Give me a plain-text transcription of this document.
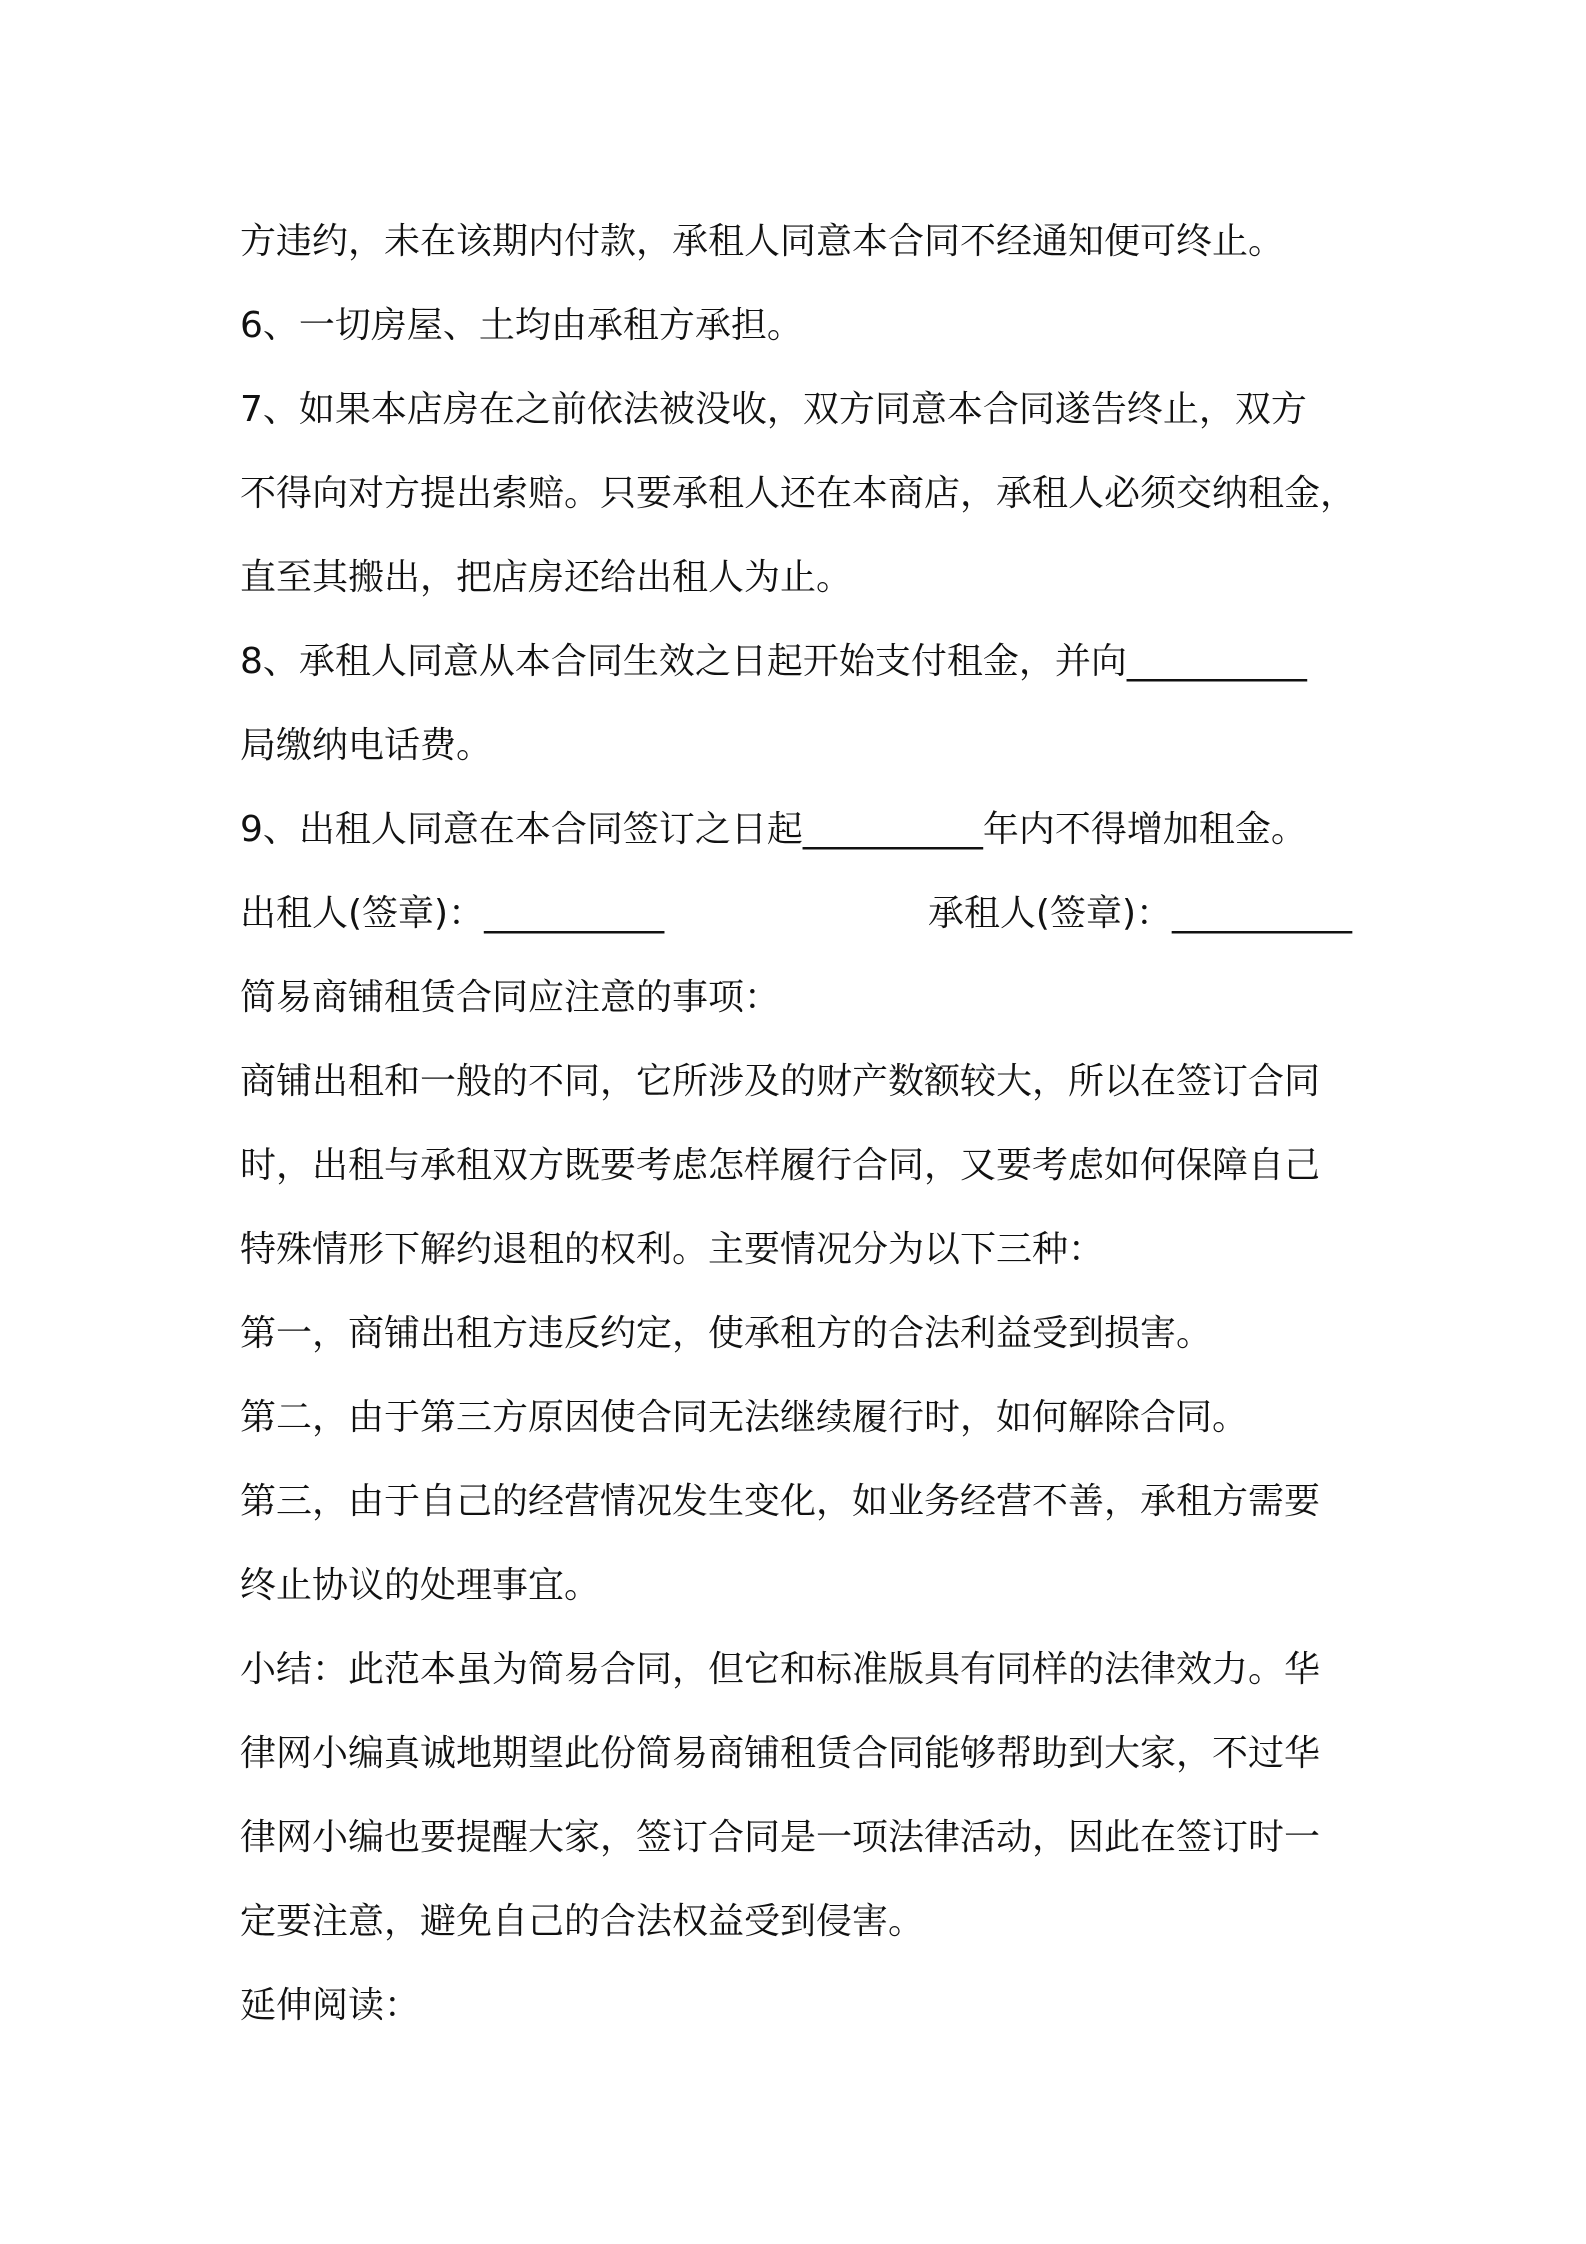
方违约，未在该期内付款，承租人同意本合同不经通知便可终止。
6、一切房屋、土均由承租方承担。
7、如果本店房在之前依法被没收，双方同意本合同遂告终止，双方
不得向对方提出索赔。只要承租人还在本商店，承租人必须交纳租金，
直至其搬出，把店房还给出租人为止。
8、承租人同意从本合同生效之日起开始支付租金，并向__________
局缴纳电话费。
9、出租人同意在本合同签订之日起__________年内不得增加租金。
出租人(签章)：__________	承租人(签章)：__________
简易商铺租赁合同应注意的事项：
商铺出租和一般的不同，它所涉及的财产数额较大，所以在签订合同
时，出租与承租双方既要考虑怎样履行合同，又要考虑如何保障自己
特殊情形下解约退租的权利。主要情况分为以下三种：
第一，商铺出租方违反约定，使承租方的合法利益受到损害。
第二，由于第三方原因使合同无法继续履行时，如何解除合同。
第三，由于自己的经营情况发生变化，如业务经营不善，承租方需要
终止协议的处理事宜。
小结：此范本虽为简易合同，但它和标准版具有同样的法律效力。华
律网小编真诚地期望此份简易商铺租赁合同能够帮助到大家，不过华
律网小编也要提醒大家，签订合同是一项法律活动，因此在签订时一
定要注意，避免自己的合法权益受到侵害。
延伸阅读：
